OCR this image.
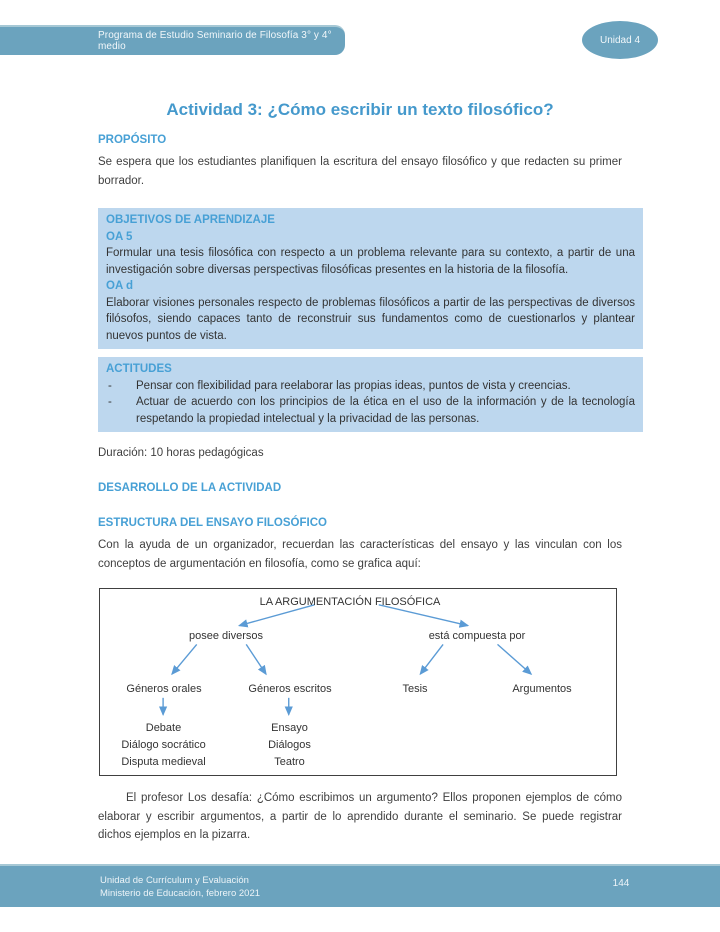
Programa de Estudio Seminario de Filosofía 3° y 4° medio
Unidad 4
Actividad 3: ¿Cómo escribir un texto filosófico?
PROPÓSITO
Se espera que los estudiantes planifiquen la escritura del ensayo filosófico y que redacten su primer borrador.
OBJETIVOS DE APRENDIZAJE
OA 5
Formular una tesis filosófica con respecto a un problema relevante para su contexto, a partir de una investigación sobre diversas perspectivas filosóficas presentes en la historia de la filosofía.
OA d
Elaborar visiones personales respecto de problemas filosóficos a partir de las perspectivas de diversos filósofos, siendo capaces tanto de reconstruir sus fundamentos como de cuestionarlos y plantear nuevos puntos de vista.
ACTITUDES
-	Pensar con flexibilidad para reelaborar las propias ideas, puntos de vista y creencias.
-	Actuar de acuerdo con los principios de la ética en el uso de la información y de la tecnología respetando la propiedad intelectual y la privacidad de las personas.
Duración: 10 horas pedagógicas
DESARROLLO DE LA ACTIVIDAD
ESTRUCTURA DEL ENSAYO FILOSÓFICO
Con la ayuda de un organizador, recuerdan las características del ensayo y las vinculan con los conceptos de argumentación en filosofía, como se grafica aquí:
LA ARGUMENTACIÓN FILOSÓFICA
posee diversos	está compuesta por
Géneros orales	Géneros escritos	Tesis	Argumentos
Debate
Diálogo socrático
Disputa medieval
Ensayo
Diálogos
Teatro
El profesor Los desafía: ¿Cómo escribimos un argumento? Ellos proponen ejemplos de cómo elaborar y escribir argumentos, a partir de lo aprendido durante el seminario. Se puede registrar dichos ejemplos en la pizarra.
Unidad de Currículum y Evaluación
Ministerio de Educación, febrero 2021
144
